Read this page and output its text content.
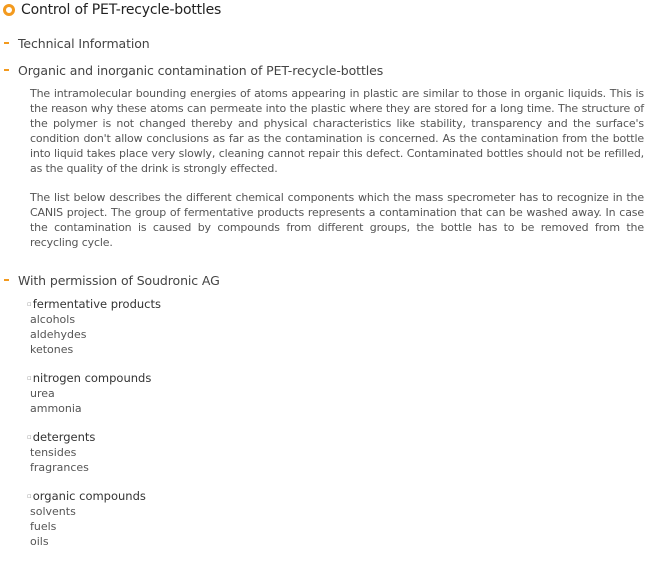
Control of PET-recycle-bottles
Technical Information
Organic and inorganic contamination of PET-recycle-bottles

The intramolecular bounding energies of atoms appearing in plastic are similar to those in organic liquids. This is the reason why these atoms can permeate into the plastic where they are stored for a long time. The structure of the polymer is not changed thereby and physical characteristics like stability, transparency and the surface's condition don't allow conclusions as far as the contamination is concerned. As the contamination from the bottle into liquid takes place very slowly, cleaning cannot repair this defect. Contaminated bottles should not be refilled, as the quality of the drink is strongly effected.

The list below describes the different chemical components which the mass specrometer has to recognize in the CANIS project. The group of fermentative products represents a contamination that can be washed away. In case the contamination is caused by compounds from different groups, the bottle has to be removed from the recycling cycle.

With permission of Soudronic AG
▫ fermentative products
alcohols
aldehydes
ketones
▫ nitrogen compounds
urea
ammonia
▫ detergents
tensides
fragrances
▫ organic compounds
solvents
fuels
oils
